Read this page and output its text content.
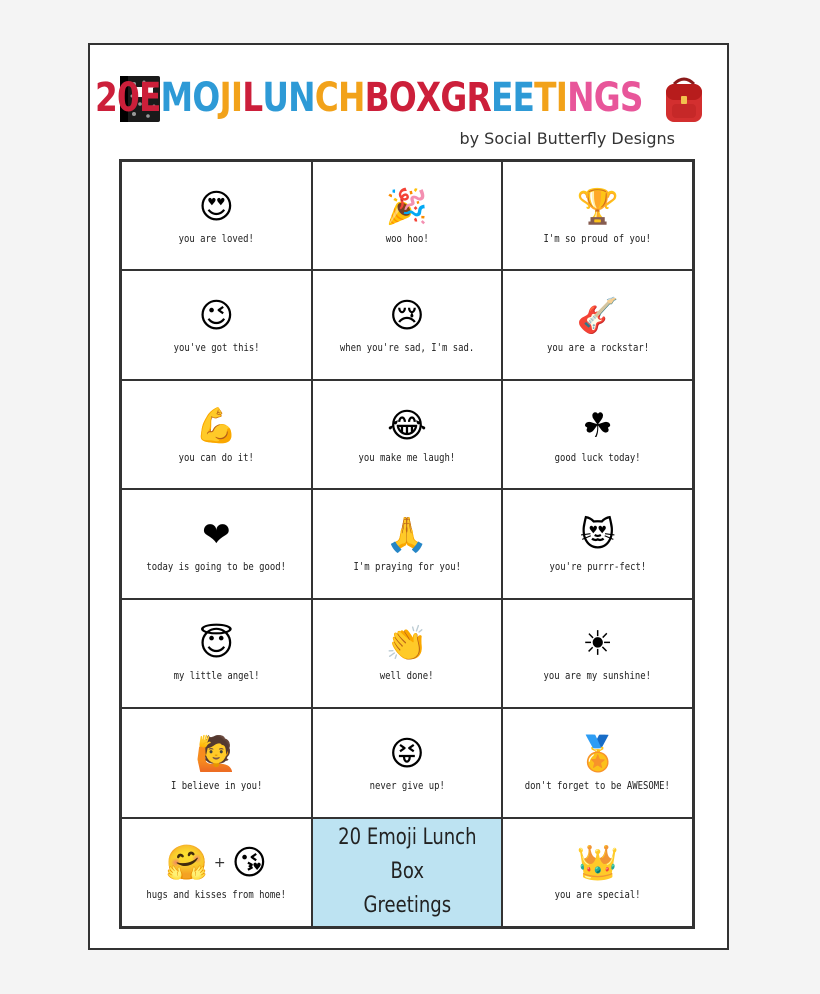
2 0 E M O J I L U N C H B O X G R E E T I N G S
by Social Butterfly Designs
😍
you are loved!
🎉
woo hoo!
🏆
I'm so proud of you!
😉
you've got this!
😢
when you're sad, I'm sad.
🎸
you are a rockstar!
💪
you can do it!
😂
you make me laugh!
☘
good luck today!
❤
today is going to be good!
🙏
I'm praying for you!
😻
you're purrr-fect!
😇
my little angel!
👏
well done!
☀
you are my sunshine!
🙋
I believe in you!
😝
never give up!
🏅
don't forget to be AWESOME!
🤗 + 😘
hugs and kisses from home!
20 Emoji Lunch Box
Greetings
👑
you are special!
